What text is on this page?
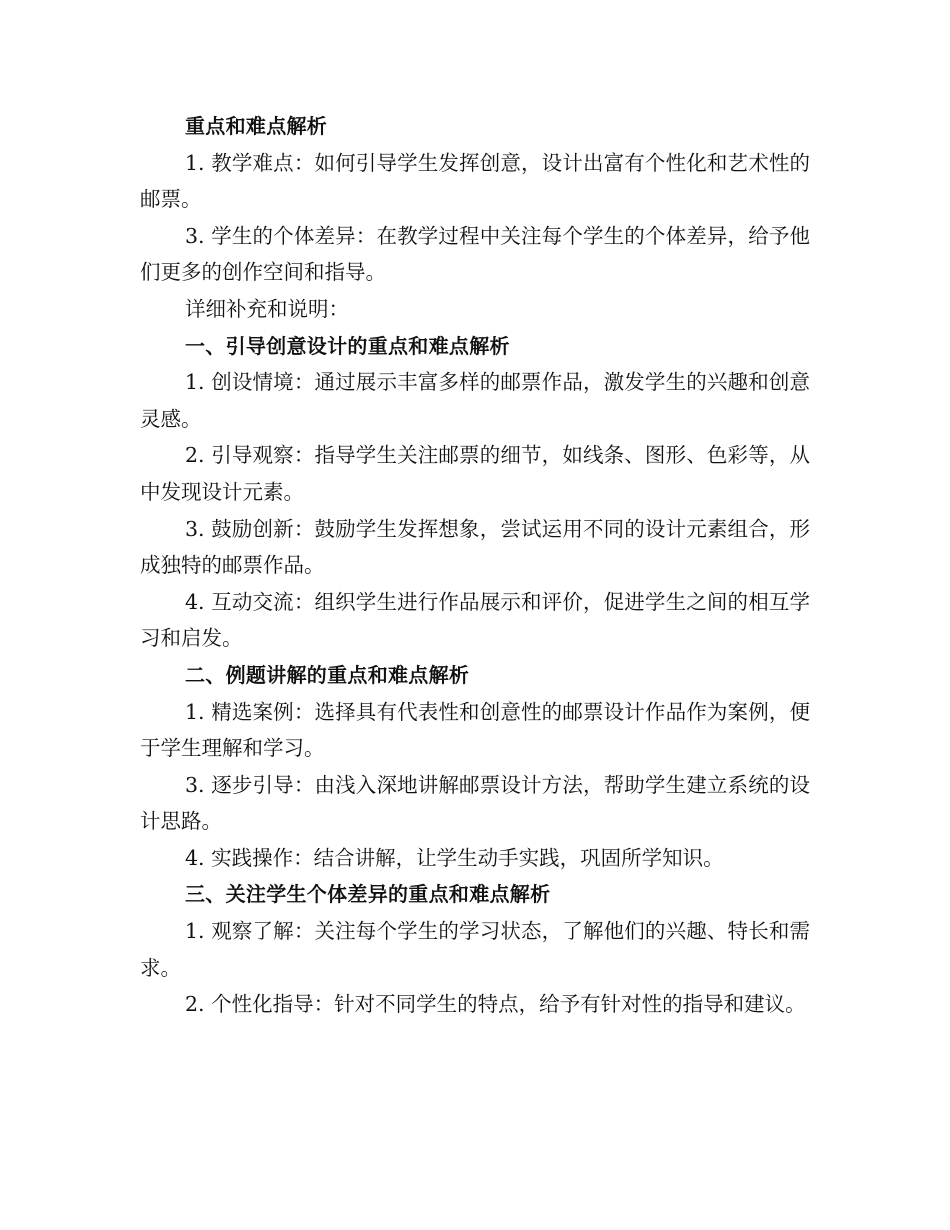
重点和难点解析

1. 教学难点：如何引导学生发挥创意，设计出富有个性化和艺术性的邮票。

3. 学生的个体差异：在教学过程中关注每个学生的个体差异，给予他们更多的创作空间和指导。

详细补充和说明：

一、引导创意设计的重点和难点解析

1. 创设情境：通过展示丰富多样的邮票作品，激发学生的兴趣和创意灵感。

2. 引导观察：指导学生关注邮票的细节，如线条、图形、色彩等，从中发现设计元素。

3. 鼓励创新：鼓励学生发挥想象，尝试运用不同的设计元素组合，形成独特的邮票作品。

4. 互动交流：组织学生进行作品展示和评价，促进学生之间的相互学习和启发。

二、例题讲解的重点和难点解析

1. 精选案例：选择具有代表性和创意性的邮票设计作品作为案例，便于学生理解和学习。

3. 逐步引导：由浅入深地讲解邮票设计方法，帮助学生建立系统的设计思路。

4. 实践操作：结合讲解，让学生动手实践，巩固所学知识。

三、关注学生个体差异的重点和难点解析

1. 观察了解：关注每个学生的学习状态，了解他们的兴趣、特长和需求。

2. 个性化指导：针对不同学生的特点，给予有针对性的指导和建议。
